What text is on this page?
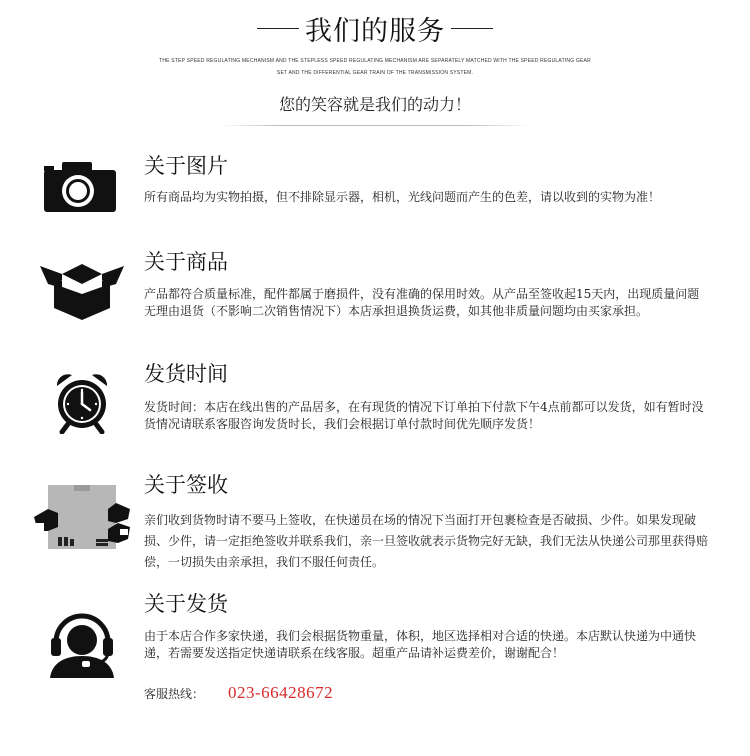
我们的服务
THE STEP SPEED REGULATING MECHANISM AND THE STEPLESS SPEED REGULATING MECHANISM ARE SEPARATELY MATCHED WITH THE SPEED REGULATING GEAR
SET AND THE DIFFERENTIAL GEAR TRAIN OF THE TRANSMISSION SYSTEM.
您的笑容就是我们的动力！
关于图片
所有商品均为实物拍摄，但不排除显示器，相机，光线问题而产生的色差，请以收到的实物为准！
关于商品
产品都符合质量标准，配件都属于磨损件，没有准确的保用时效。从产品至签收起15天内，出现质量问题无理由退货（不影响二次销售情况下）本店承担退换货运费，如其他非质量问题均由买家承担。
发货时间
发货时间：本店在线出售的产品居多，在有现货的情况下订单拍下付款下午4点前都可以发货，如有暂时没货情况请联系客服咨询发货时长，我们会根据订单付款时间优先顺序发货！
关于签收
亲们收到货物时请不要马上签收，在快递员在场的情况下当面打开包裹检查是否破损、少件。如果发现破损、少件，请一定拒绝签收并联系我们，亲一旦签收就表示货物完好无缺，我们无法从快递公司那里获得赔偿，一切损失由亲承担，我们不服任何责任。
关于发货
由于本店合作多家快递，我们会根据货物重量，体积，地区选择相对合适的快递。本店默认快递为中通快递，若需要发送指定快递请联系在线客服。超重产品请补运费差价，谢谢配合！
客服热线： 023-66428672
